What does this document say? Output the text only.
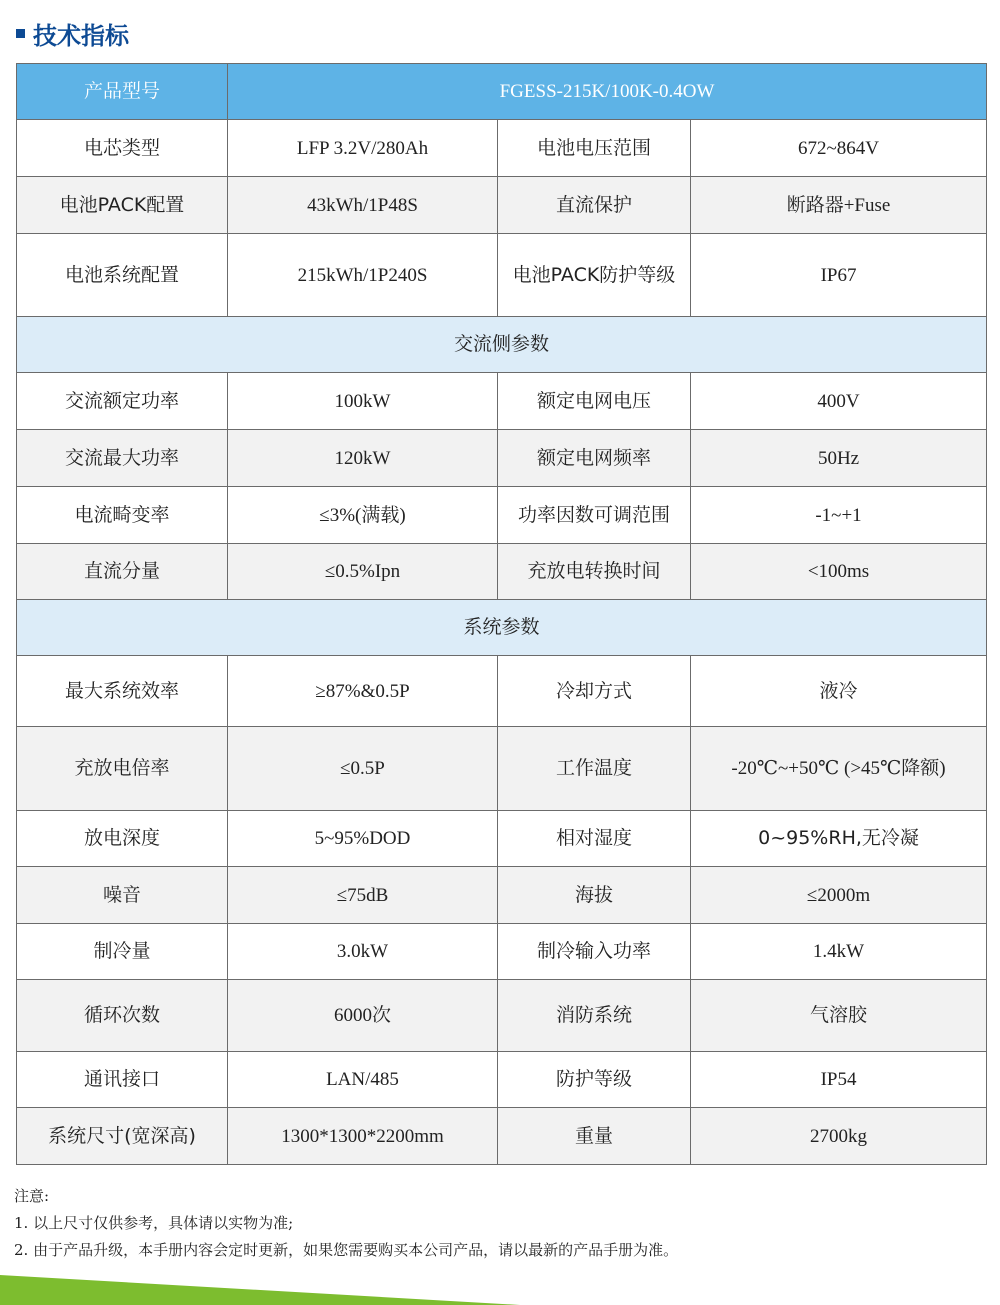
技术指标
产品型号	FGESS-215K/100K-0.4OW		
电芯类型	LFP 3.2V/280Ah	电池电压范围	672~864V
电池PACK配置	43kWh/1P48S	直流保护	断路器+Fuse
电池系统配置	215kWh/1P240S	电池PACK防护等级	IP67
交流侧参数			
交流额定功率	100kW	额定电网电压	400V
交流最大功率	120kW	额定电网频率	50Hz
电流畸变率	≤3%(满载)	功率因数可调范围	-1~+1
直流分量	≤0.5%Ipn	充放电转换时间	<100ms
系统参数			
最大系统效率	≥87%&0.5P	冷却方式	液冷
充放电倍率	≤0.5P	工作温度	-20℃~+50℃ (>45℃降额)
放电深度	5~95%DOD	相对湿度	0~95%RH,无冷凝
噪音	≤75dB	海拔	≤2000m
制冷量	3.0kW	制冷输入功率	1.4kW
循环次数	6000次	消防系统	气溶胶
通讯接口	LAN/485	防护等级	IP54
系统尺寸(宽深高)	1300*1300*2200mm	重量	2700kg
注意:
1. 以上尺寸仅供参考，具体请以实物为准;
2. 由于产品升级，本手册内容会定时更新，如果您需要购买本公司产品，请以最新的产品手册为准。
